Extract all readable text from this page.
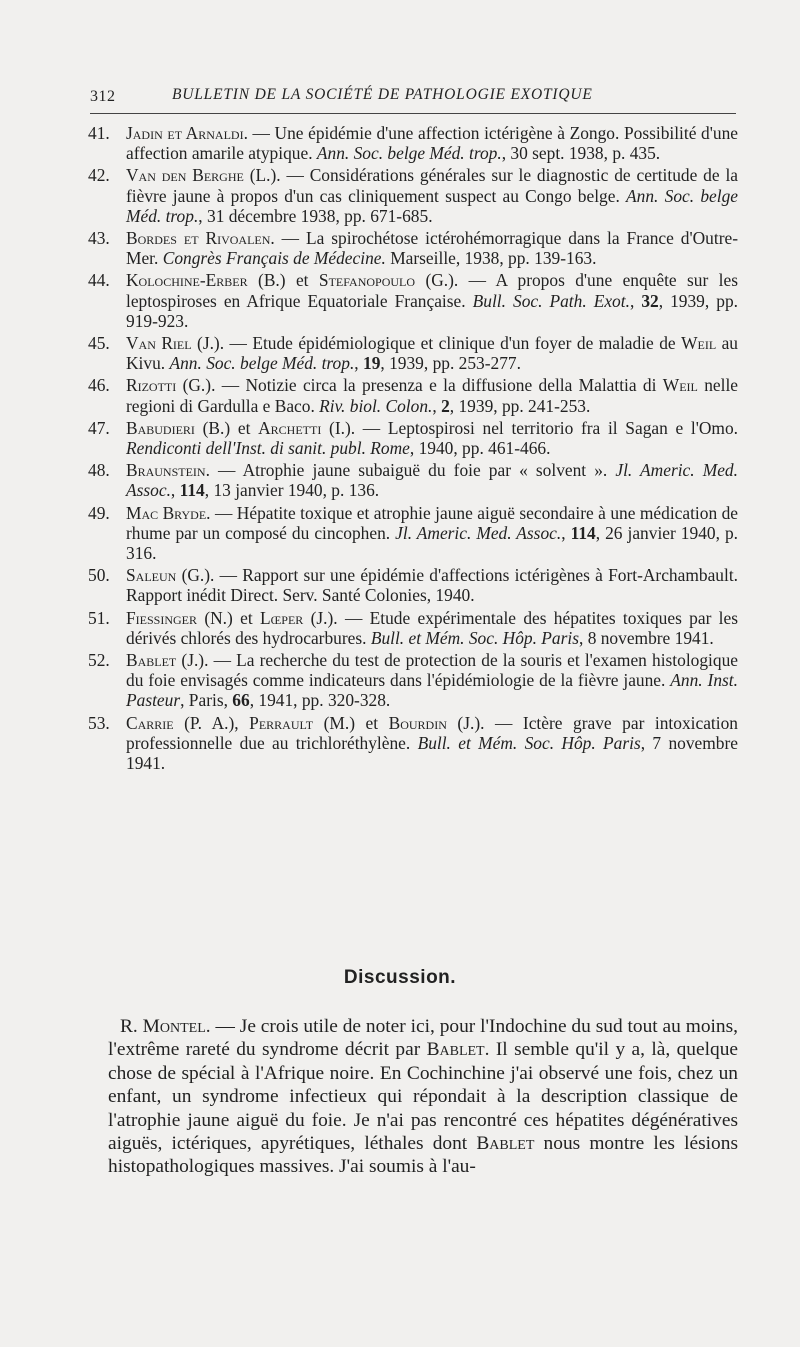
312	BULLETIN DE LA SOCIÉTÉ DE PATHOLOGIE EXOTIQUE
41. Jadin et Arnaldi. — Une épidémie d'une affection ictérigène à Zongo. Possibilité d'une affection amarile atypique. Ann. Soc. belge Méd. trop., 30 sept. 1938, p. 435.
42. Van den Berghe (L.). — Considérations générales sur le diagnostic de certitude de la fièvre jaune à propos d'un cas cliniquement suspect au Congo belge. Ann. Soc. belge Méd. trop., 31 décembre 1938, pp. 671-685.
43. Bordes et Rivoalen. — La spirochétose ictérohémorragique dans la France d'Outre-Mer. Congrès Français de Médecine. Marseille, 1938, pp. 139-163.
44. Kolochine-Erber (B.) et Stefanopoulo (G.). — A propos d'une enquête sur les leptospiroses en Afrique Equatoriale Française. Bull. Soc. Path. Exot., 32, 1939, pp. 919-923.
45. Van Riel (J.). — Etude épidémiologique et clinique d'un foyer de maladie de Weil au Kivu. Ann. Soc. belge Méd. trop., 19, 1939, pp. 253-277.
46. Rizotti (G.). — Notizie circa la presenza e la diffusione della Malattia di Weil nelle regioni di Gardulla e Baco. Riv. biol. Colon., 2, 1939, pp. 241-253.
47. Babudieri (B.) et Archetti (I.). — Leptospirosi nel territorio fra il Sagan e l'Omo. Rendiconti dell'Inst. di sanit. publ. Rome, 1940, pp. 461-466.
48. Braunstein. — Atrophie jaune subaiguë du foie par « solvent ». Jl. Americ. Med. Assoc., 114, 13 janvier 1940, p. 136.
49. Mac Bryde. — Hépatite toxique et atrophie jaune aiguë secondaire à une médication de rhume par un composé du cincophen. Jl. Americ. Med. Assoc., 114, 26 janvier 1940, p. 316.
50. Saleun (G.). — Rapport sur une épidémie d'affections ictérigènes à Fort-Archambault. Rapport inédit Direct. Serv. Santé Colonies, 1940.
51. Fiessinger (N.) et Lœper (J.). — Etude expérimentale des hépatites toxiques par les dérivés chlorés des hydrocarbures. Bull. et Mém. Soc. Hôp. Paris, 8 novembre 1941.
52. Bablet (J.). — La recherche du test de protection de la souris et l'examen histologique du foie envisagés comme indicateurs dans l'épidémiologie de la fièvre jaune. Ann. Inst. Pasteur, Paris, 66, 1941, pp. 320-328.
53. Carrie (P. A.), Perrault (M.) et Bourdin (J.). — Ictère grave par intoxication professionnelle due au trichloréthylène. Bull. et Mém. Soc. Hôp. Paris, 7 novembre 1941.
Discussion.
R. Montel. — Je crois utile de noter ici, pour l'Indochine du sud tout au moins, l'extrême rareté du syndrome décrit par Bablet. Il semble qu'il y a, là, quelque chose de spécial à l'Afrique noire. En Cochinchine j'ai observé une fois, chez un enfant, un syndrome infectieux qui répondait à la description classique de l'atrophie jaune aiguë du foie. Je n'ai pas rencontré ces hépatites dégénératives aiguës, ictériques, apyrétiques, léthales dont Bablet nous montre les lésions histopathologiques massives. J'ai soumis à l'au-
